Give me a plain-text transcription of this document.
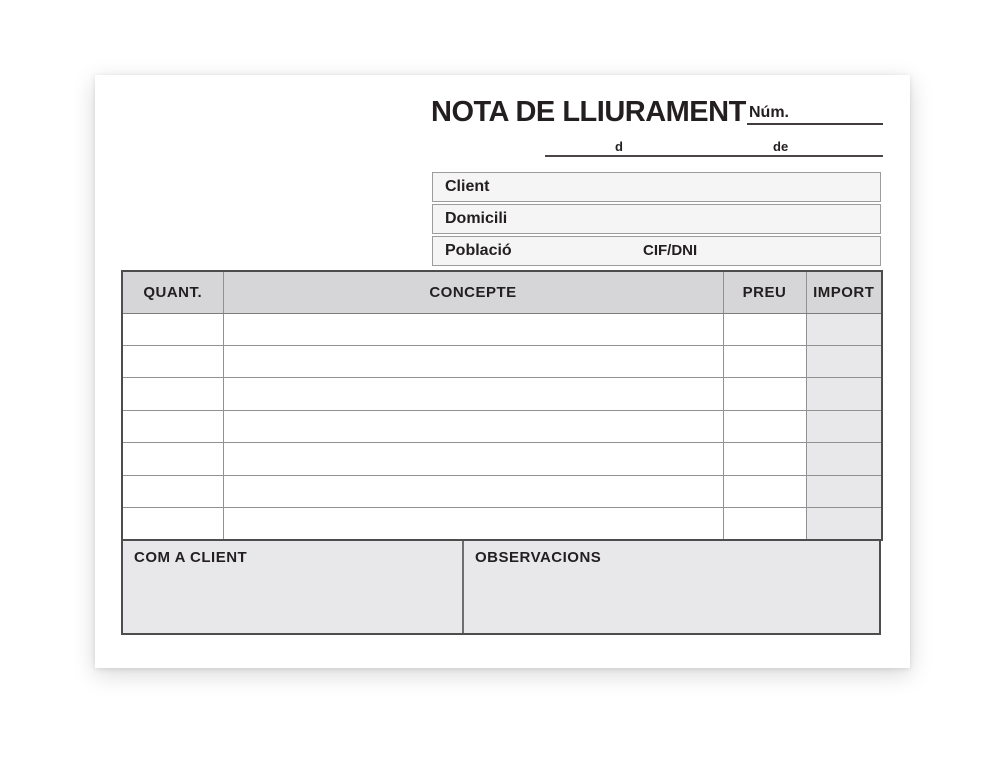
NOTA DE LLIURAMENT Núm.
d	de
Client
Domicili
Població	CIF/DNI
QUANT.	CONCEPTE	PREU	IMPORT

COM A CLIENT	OBSERVACIONS
